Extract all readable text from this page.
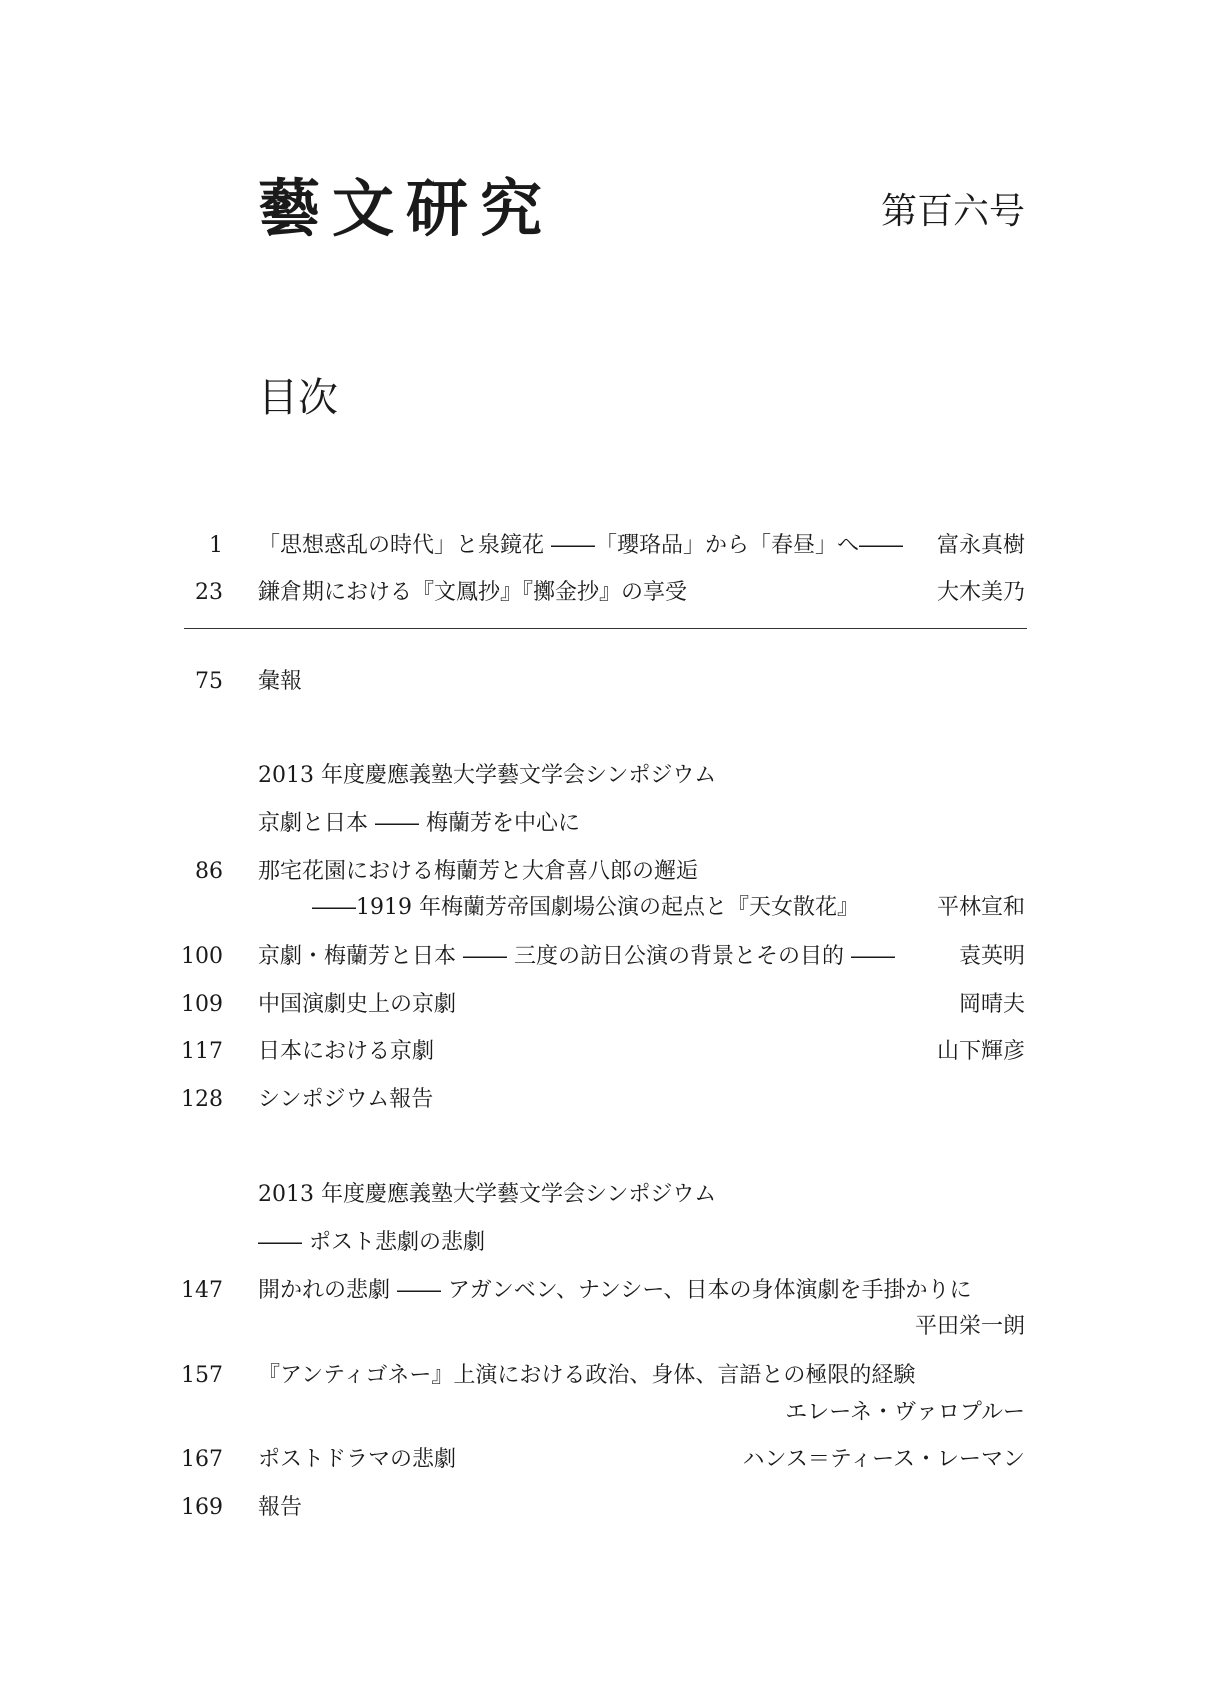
藝文研究	第百六号
目次
1 「思想惑乱の時代」と泉鏡花 ――「瓔珞品」から「春昼」へ―― 富永真樹
23 鎌倉期における『文鳳抄』『擲金抄』の享受	大木美乃
75 彙報
2013 年度慶應義塾大学藝文学会シンポジウム
京劇と日本 ―― 梅蘭芳を中心に
86 那宅花園における梅蘭芳と大倉喜八郎の邂逅
――1919 年梅蘭芳帝国劇場公演の起点と『天女散花』	平林宣和
100 京劇・梅蘭芳と日本 ―― 三度の訪日公演の背景とその目的 ――	袁英明
109 中国演劇史上の京劇	岡晴夫
117 日本における京劇	山下輝彦
128 シンポジウム報告
2013 年度慶應義塾大学藝文学会シンポジウム
―― ポスト悲劇の悲劇
147 開かれの悲劇 ―― アガンベン、ナンシー、日本の身体演劇を手掛かりに
平田栄一朗
157 『アンティゴネー』上演における政治、身体、言語との極限的経験
エレーネ・ヴァロプルー
167 ポストドラマの悲劇	ハンス＝ティース・レーマン
169 報告
